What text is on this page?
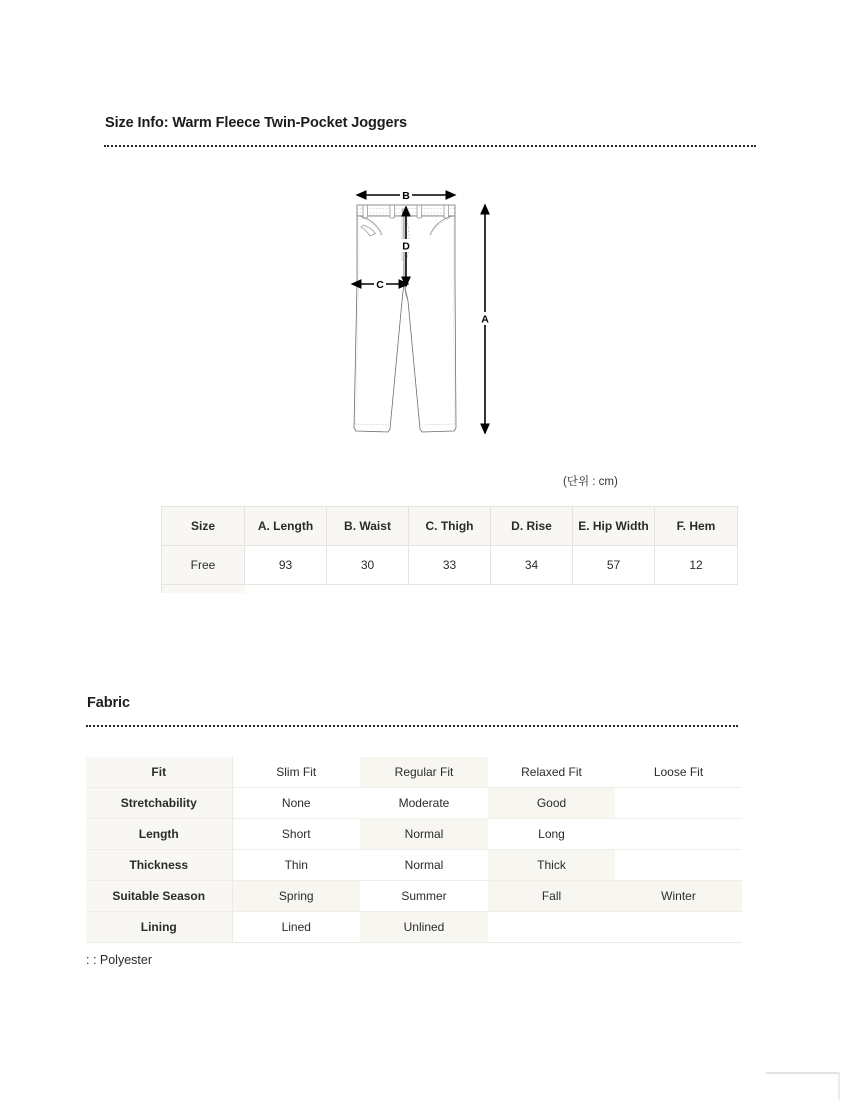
Size Info: Warm Fleece Twin-Pocket Joggers
B
D
C
A
(단위 : cm)
Size	A. Length	B. Waist	C. Thigh	D. Rise	E. Hip Width	F. Hem
Free	93	30	33	34	57	12

Fabric
Fit	Slim Fit	Regular Fit	Relaxed Fit	Loose Fit
Stretchability	None	Moderate	Good	
Length	Short	Normal	Long	
Thickness	Thin	Normal	Thick	
Suitable Season	Spring	Summer	Fall	Winter
Lining	Lined	Unlined		
: : Polyester
